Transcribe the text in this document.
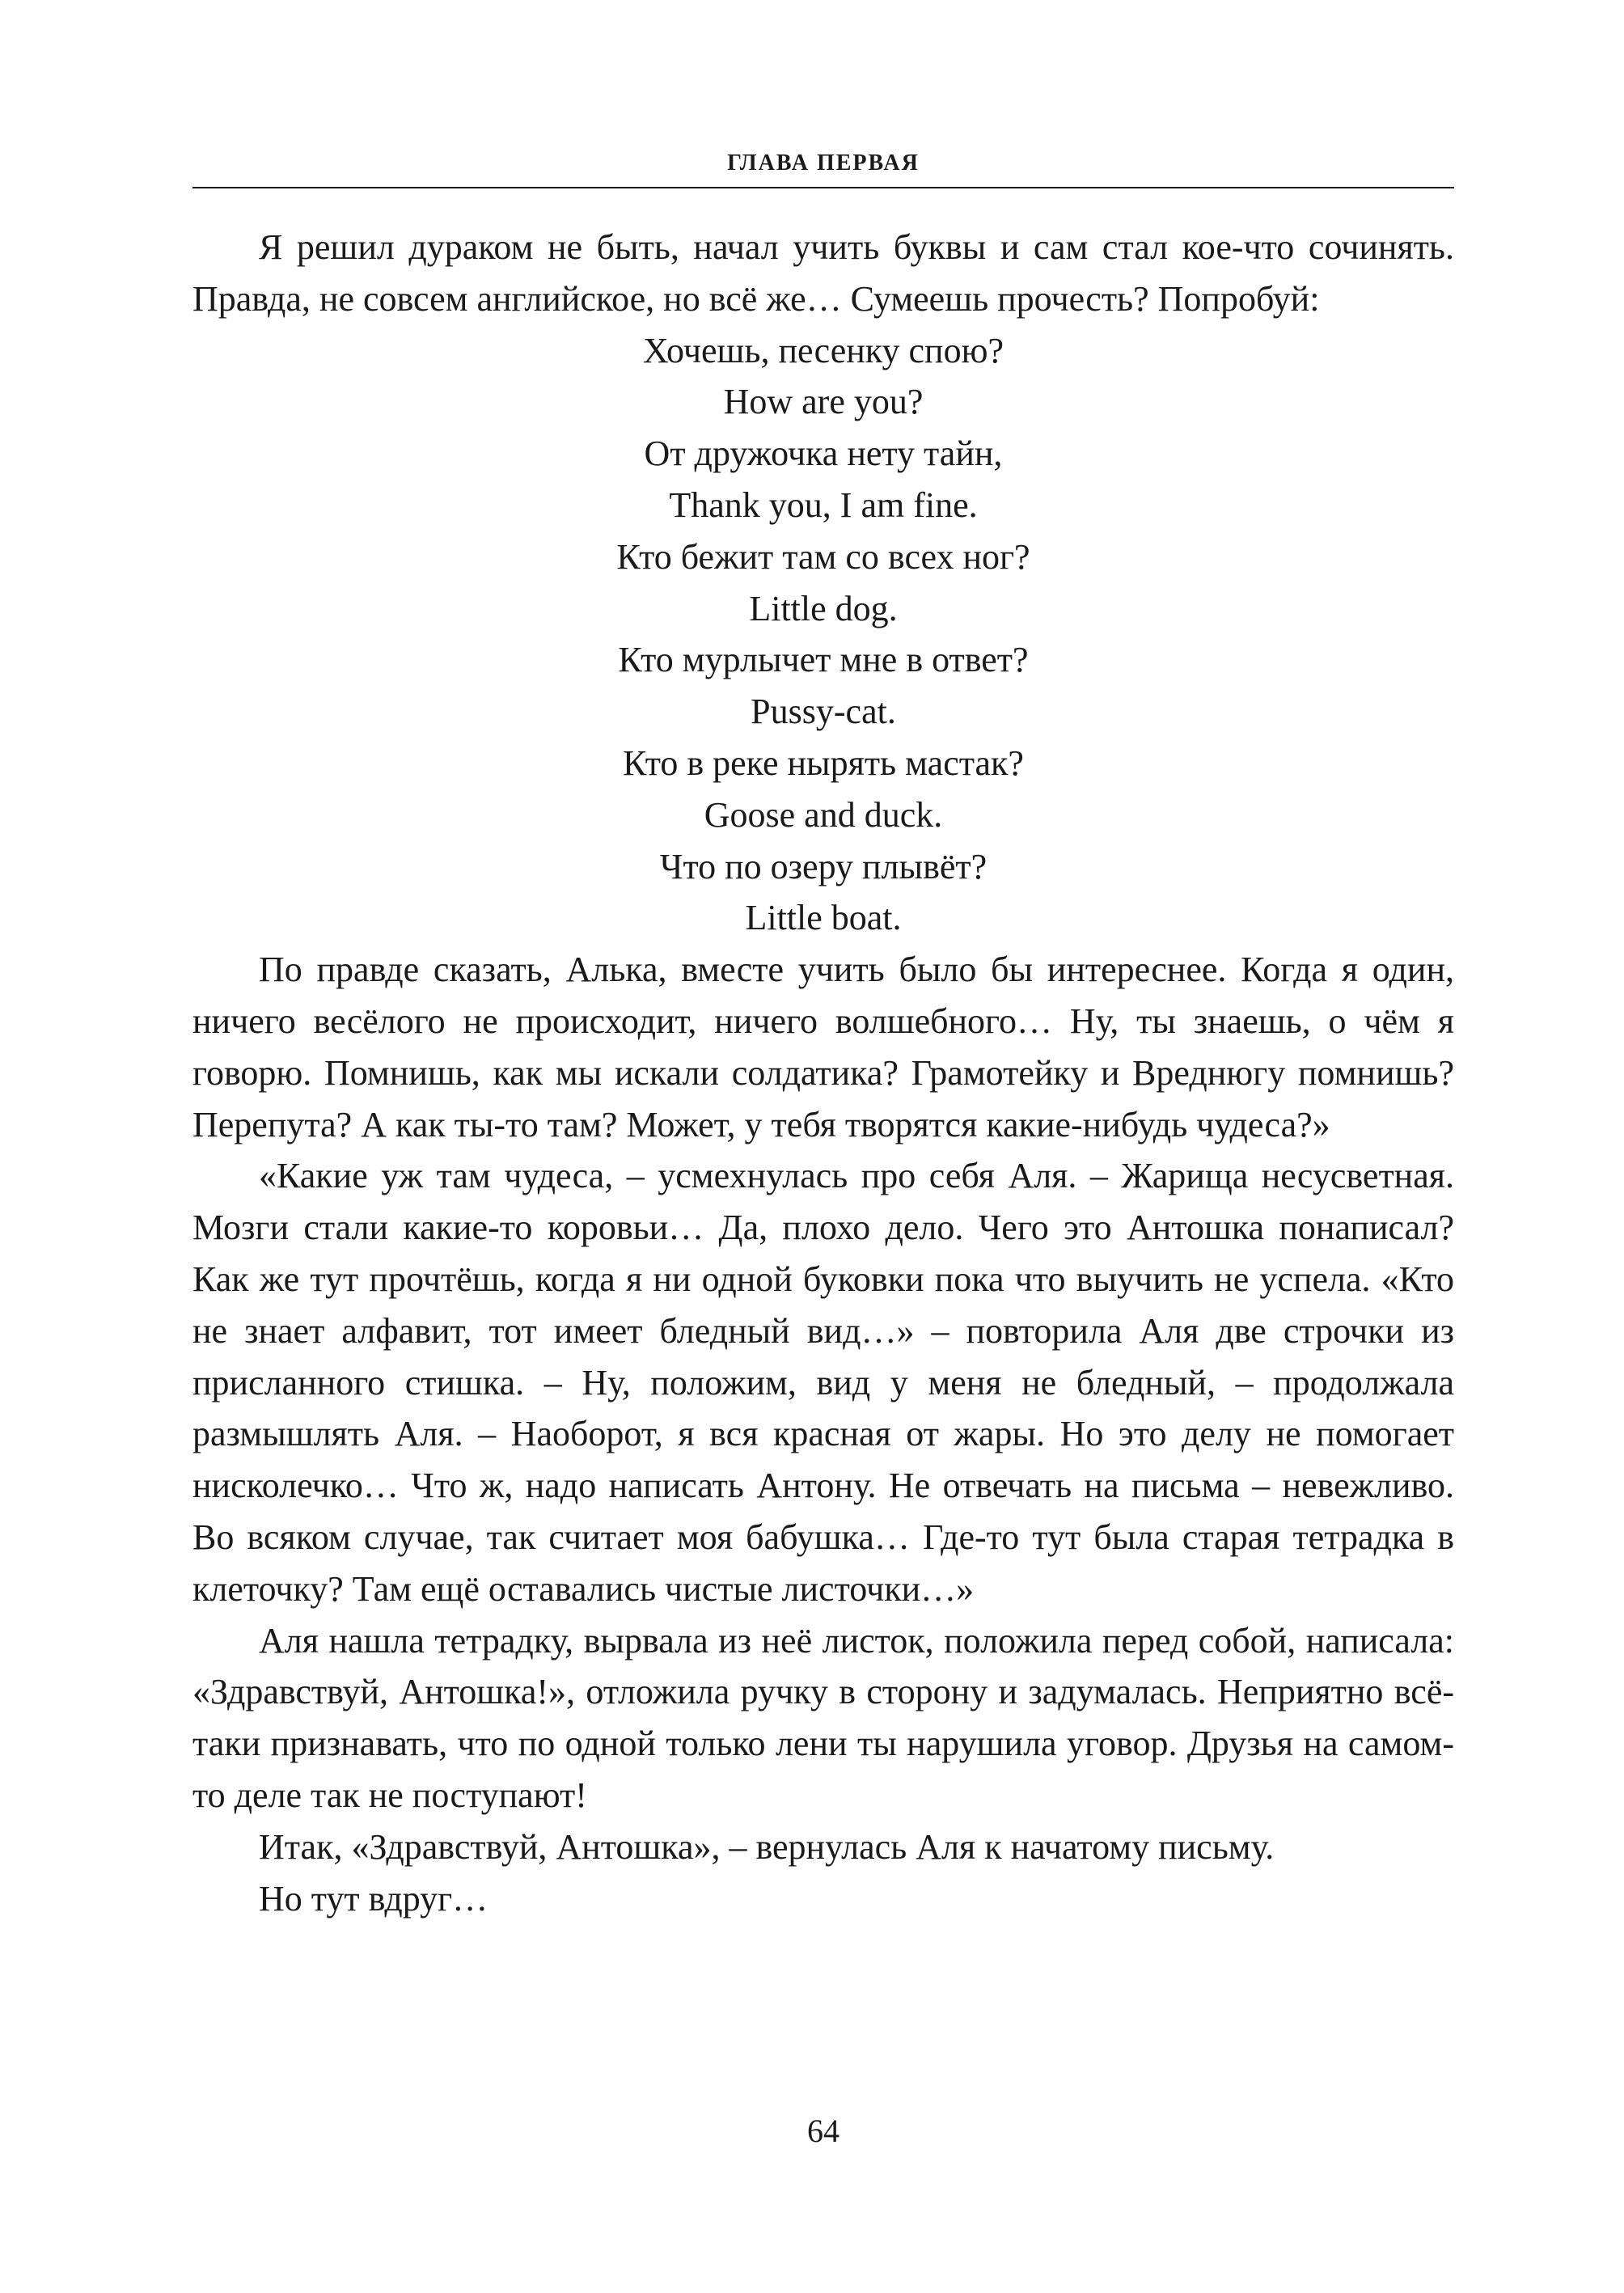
ГЛАВА ПЕРВАЯ

Я решил дураком не быть, начал учить буквы и сам стал кое-что сочинять. Правда, не совсем английское, но всё же… Сумеешь прочесть? Попробуй:

Хочешь, песенку спою?
How are you?
От дружочка нету тайн,
Thank you, I am fine.
Кто бежит там со всех ног?
Little dog.
Кто мурлычет мне в ответ?
Pussy-cat.
Кто в реке нырять мастак?
Goose and duck.
Что по озеру плывёт?
Little boat.

По правде сказать, Алька, вместе учить было бы интереснее. Когда я один, ничего весёлого не происходит, ничего волшебного… Ну, ты знаешь, о чём я говорю. Помнишь, как мы искали солдатика? Грамотейку и Вреднюгу помнишь? Перепута? А как ты-то там? Может, у тебя творятся какие-нибудь чудеса?»

«Какие уж там чудеса, – усмехнулась про себя Аля. – Жарища несусветная. Мозги стали какие-то коровьи… Да, плохо дело. Чего это Антошка понаписал? Как же тут прочтёшь, когда я ни одной буковки пока что выучить не успела. «Кто не знает алфавит, тот имеет бледный вид…» – повторила Аля две строчки из присланного стишка. – Ну, положим, вид у меня не бледный, – продолжала размышлять Аля. – Наоборот, я вся красная от жары. Но это делу не помогает нисколечко… Что ж, надо написать Антону. Не отвечать на письма – невежливо. Во всяком случае, так считает моя бабушка… Где-то тут была старая тетрадка в клеточку? Там ещё оставались чистые листочки…»

Аля нашла тетрадку, вырвала из неё листок, положила перед собой, написала: «Здравствуй, Антошка!», отложила ручку в сторону и задумалась. Неприятно всё-таки признавать, что по одной только лени ты нарушила уговор. Друзья на самом-то деле так не поступают!

Итак, «Здравствуй, Антошка», – вернулась Аля к начатому письму.

Но тут вдруг…

64
